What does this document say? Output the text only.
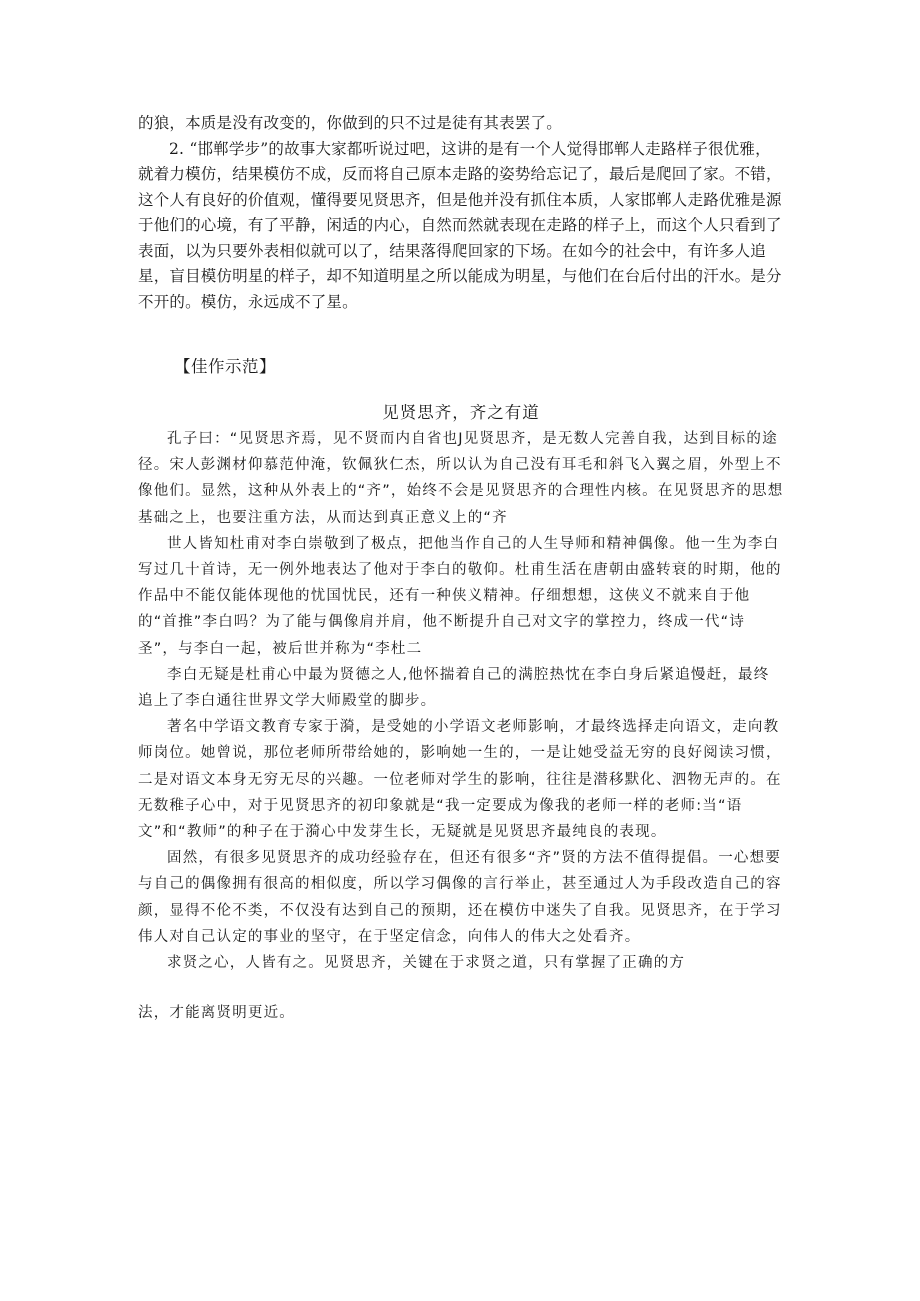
的狼，本质是没有改变的，你做到的只不过是徒有其表罢了。

2. “邯郸学步”的故事大家都听说过吧，这讲的是有一个人觉得邯郸人走路样子很优雅，就着力模仿，结果模仿不成，反而将自己原本走路的姿势给忘记了，最后是爬回了家。不错，这个人有良好的价值观，懂得要见贤思齐，但是他并没有抓住本质，人家邯郸人走路优雅是源于他们的心境，有了平静，闲适的内心，自然而然就表现在走路的样子上，而这个人只看到了表面，以为只要外表相似就可以了，结果落得爬回家的下场。在如今的社会中，有许多人追星，盲目模仿明星的样子，却不知道明星之所以能成为明星，与他们在台后付出的汗水。是分不开的。模仿，永远成不了星。

【佳作示范】

见贤思齐，齐之有道

孔子曰：“见贤思齐焉，见不贤而内自省也J见贤思齐，是无数人完善自我，达到目标的途径。宋人彭渊材仰慕范仲淹，钦佩狄仁杰，所以认为自己没有耳毛和斜飞入翼之眉，外型上不像他们。显然，这种从外表上的“齐”，始终不会是见贤思齐的合理性内核。在见贤思齐的思想基础之上，也要注重方法，从而达到真正意义上的“齐

世人皆知杜甫对李白崇敬到了极点，把他当作自己的人生导师和精神偶像。他一生为李白写过几十首诗，无一例外地表达了他对于李白的敬仰。杜甫生活在唐朝由盛转衰的时期，他的作品中不能仅能体现他的忧国忧民，还有一种侠义精神。仔细想想，这侠义不就来自于他的“首推”李白吗？为了能与偶像肩并肩，他不断提升自己对文字的掌控力，终成一代“诗圣”，与李白一起，被后世并称为“李杜二

李白无疑是杜甫心中最为贤德之人,他怀揣着自己的满腔热忱在李白身后紧追慢赶，最终追上了李白通往世界文学大师殿堂的脚步。

著名中学语文教育专家于漪，是受她的小学语文老师影响，才最终选择走向语文，走向教师岗位。她曾说，那位老师所带给她的，影响她一生的，一是让她受益无穷的良好阅读习惯，二是对语文本身无穷无尽的兴趣。一位老师对学生的影响，往往是潜移默化、泗物无声的。在无数稚子心中，对于见贤思齐的初印象就是“我一定要成为像我的老师一样的老师:当“语文”和“教师”的种子在于漪心中发芽生长，无疑就是见贤思齐最纯良的表现。

固然，有很多见贤思齐的成功经验存在，但还有很多“齐”贤的方法不值得提倡。一心想要与自己的偶像拥有很高的相似度，所以学习偶像的言行举止，甚至通过人为手段改造自己的容颜，显得不伦不类，不仅没有达到自己的预期，还在模仿中迷失了自我。见贤思齐，在于学习伟人对自己认定的事业的坚守，在于坚定信念，向伟人的伟大之处看齐。

求贤之心，人皆有之。见贤思齐，关键在于求贤之道，只有掌握了正确的方

法，才能离贤明更近。
